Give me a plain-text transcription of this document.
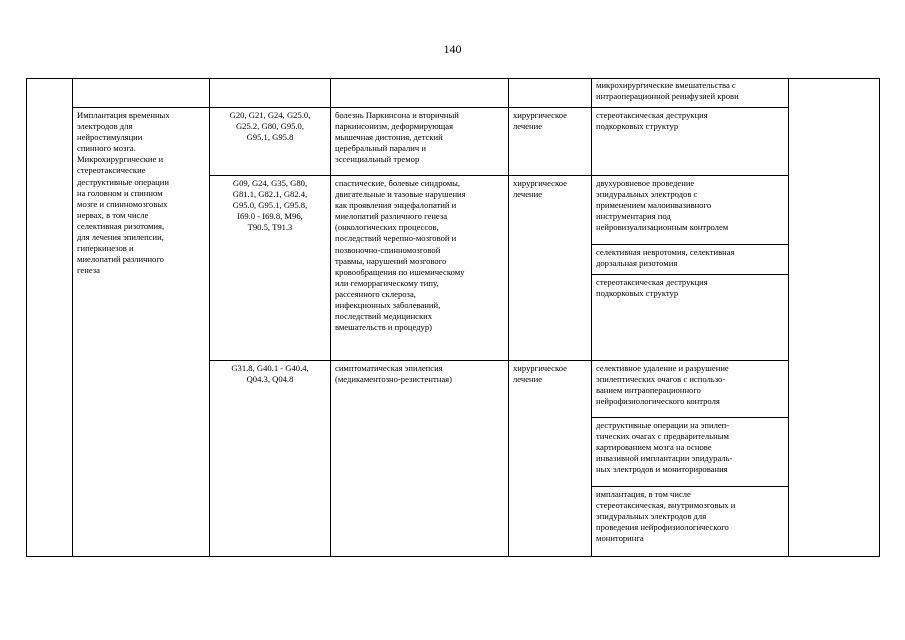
140
микрохирургические вмешательства с
интраоперационной реинфузией крови
Имплантация временных
электродов для
нейростимуляции
спинного мозга.
Микрохирургические и
стереотаксические
деструктивные операции
на головном и спинном
мозге и спинномозговых
нервах, в том числе
селективная ризотомия,
для лечения эпилепсии,
гиперкинезов и
миелопатий различного
генеза
G20, G21, G24, G25.0,
G25.2, G80, G95.0,
G95.1, G95.8
болезнь Паркинсона и вторичный
паркинсонизм, деформирующая
мышечная дистония, детский
церебральный паралич и
эссенциальный тремор
хирургическое
лечение
стереотаксическая деструкция
подкорковых структур
G09, G24, G35, G80,
G81.1, G82.1, G82.4,
G95.0, G95.1, G95.8,
I69.0 - I69.8, M96,
T90.5, T91.3
спастические, болевые синдромы,
двигательные и тазовые нарушения
как проявления энцефалопатий и
миелопатий различного генеза
(онкологических процессов,
последствий черепно-мозговой и
позвоночно-спинномозговой
травмы, нарушений мозгового
кровообращения по ишемическому
или геморрагическому типу,
рассеянного склероза,
инфекционных заболеваний,
последствий медицинских
вмешательств и процедур)
хирургическое
лечение
двухуровневое проведение
эпидуральных электродов с
применением малоинвазивного
инструментария под
нейровизуализационным контролем
селективная невротомия, селективная
дорзальная ризотомия
стереотаксическая деструкция
подкорковых структур
G31.8, G40.1 - G40.4,
Q04.3, Q04.8
симптоматическая эпилепсия
(медикаментозно-резистентная)
хирургическое
лечение
селективное удаление и разрушение
эпилептических очагов с использо-
ванием интраоперационного
нейрофизиологического контроля
деструктивные операции на эпилеп-
тических очагах с предварительным
картированием мозга на основе
инвазивной имплантации эпидураль-
ных электродов и мониторирования
имплантация, в том числе
стереотаксическая, внутримозговых и
эпидуральных электродов для
проведения нейрофизиологического
мониторинга
